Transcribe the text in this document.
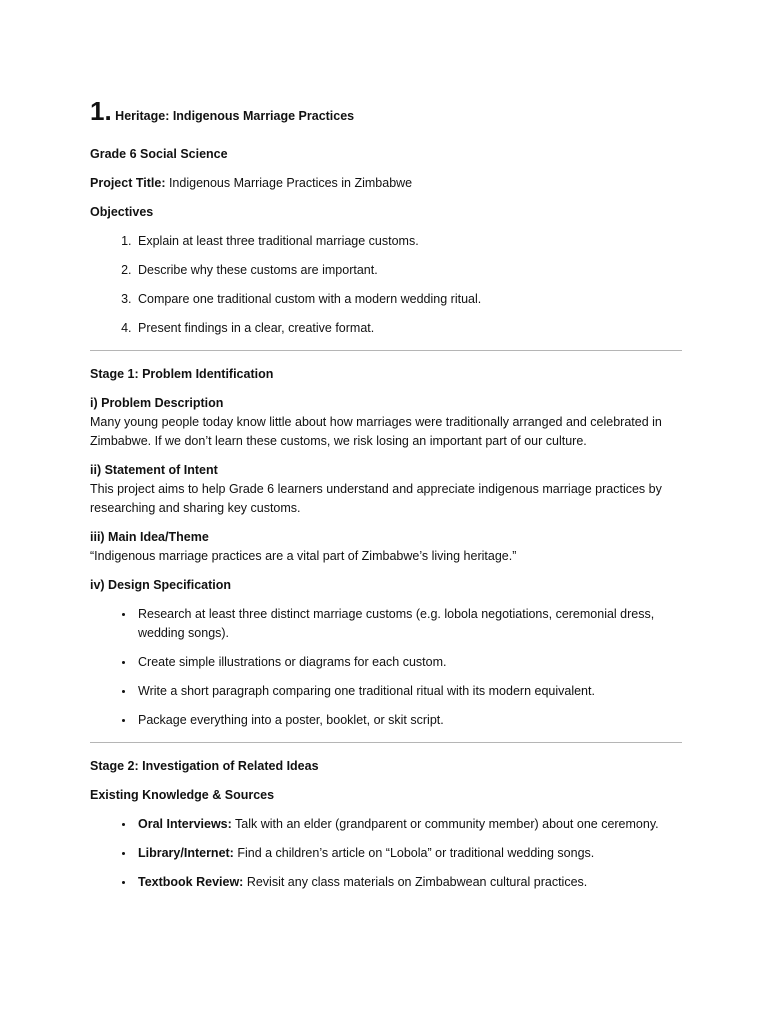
1. Heritage: Indigenous Marriage Practices

Grade 6 Social Science

Project Title: Indigenous Marriage Practices in Zimbabwe

Objectives

1. Explain at least three traditional marriage customs.
2. Describe why these customs are important.
3. Compare one traditional custom with a modern wedding ritual.
4. Present findings in a clear, creative format.

Stage 1: Problem Identification

i) Problem Description

Many young people today know little about how marriages were traditionally arranged and celebrated in Zimbabwe. If we don’t learn these customs, we risk losing an important part of our culture.

ii) Statement of Intent

This project aims to help Grade 6 learners understand and appreciate indigenous marriage practices by researching and sharing key customs.

iii) Main Idea/Theme

“Indigenous marriage practices are a vital part of Zimbabwe’s living heritage.”

iv) Design Specification

• Research at least three distinct marriage customs (e.g. lobola negotiations, ceremonial dress, wedding songs).
• Create simple illustrations or diagrams for each custom.
• Write a short paragraph comparing one traditional ritual with its modern equivalent.
• Package everything into a poster, booklet, or skit script.

Stage 2: Investigation of Related Ideas

Existing Knowledge & Sources

• Oral Interviews: Talk with an elder (grandparent or community member) about one ceremony.
• Library/Internet: Find a children’s article on “Lobola” or traditional wedding songs.
• Textbook Review: Revisit any class materials on Zimbabwean cultural practices.
